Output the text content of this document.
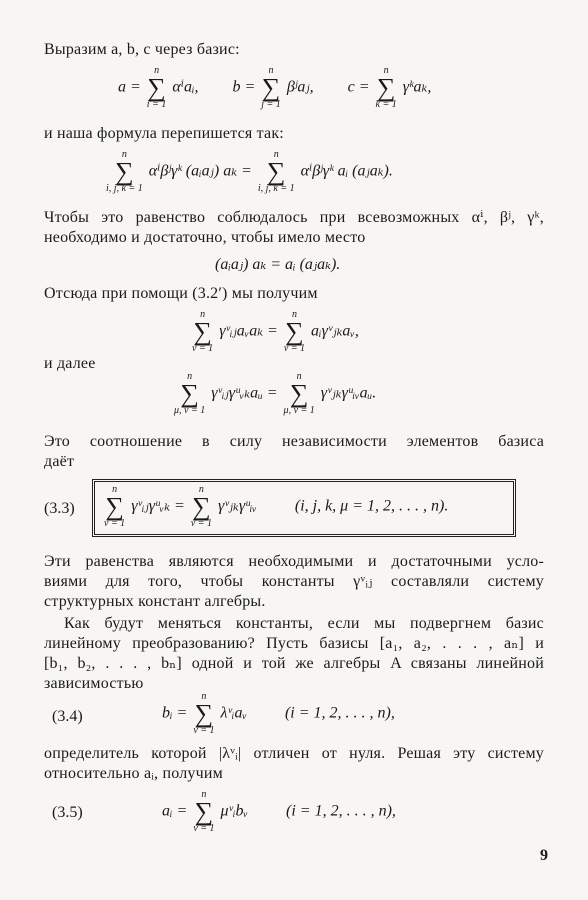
Выразим a, b, c через базис:
a =
n
∑
i = 1
αⁱaᵢ, b =
n
∑
j = 1
βʲaⱼ, c =
n
∑
k = 1
γᵏaₖ,
и наша формула перепишется так:
n
∑
i, j, k = 1
αⁱβʲγᵏ (aᵢaⱼ) aₖ =
n
∑
i, j, k = 1
αⁱβʲγᵏ aᵢ (aⱼaₖ).
Чтобы это равенство соблюдалось при всевозможных αⁱ, βʲ, γᵏ,
необходимо и достаточно, чтобы имело место
(aᵢaⱼ) aₖ = aᵢ (aⱼaₖ).
Отсюда при помощи (3.2′) мы получим
n
∑
ν = 1
γᵛᵢⱼaᵥaₖ =
n
∑
ν = 1
aᵢγᵛⱼₖaᵥ,
и далее
n
∑
μ, ν = 1
γᵛᵢⱼγᵘᵥₖaᵤ =
n
∑
μ, ν = 1
γᵛⱼₖγᵘᵢᵥaᵤ.
Это соотношение в силу независимости элементов базиса
даёт
(3.3)
n
∑
ν = 1
γᵛᵢⱼγᵘᵥₖ =
n
∑
ν = 1
γᵛⱼₖγᵘᵢᵥ (i, j, k, μ = 1, 2, . . . , n).
Эти равенства являются необходимыми и достаточными усло-
виями для того, чтобы константы γᵛᵢⱼ составляли систему
структурных констант алгебры.
Как будут меняться константы, если мы подвергнем базис
линейному преобразованию? Пусть базисы [a₁, a₂, . . . , aₙ] и
[b₁, b₂, . . . , bₙ] одной и той же алгебры A связаны линейной
зависимостью
(3.4)	bᵢ =
n
∑
ν = 1
λᵛᵢaᵥ (i = 1, 2, . . . , n),
определитель которой |λᵛᵢ| отличен от нуля. Решая эту систему
относительно aᵢ, получим
(3.5)	aᵢ =
n
∑
ν = 1
μᵛᵢbᵥ (i = 1, 2, . . . , n),
9
